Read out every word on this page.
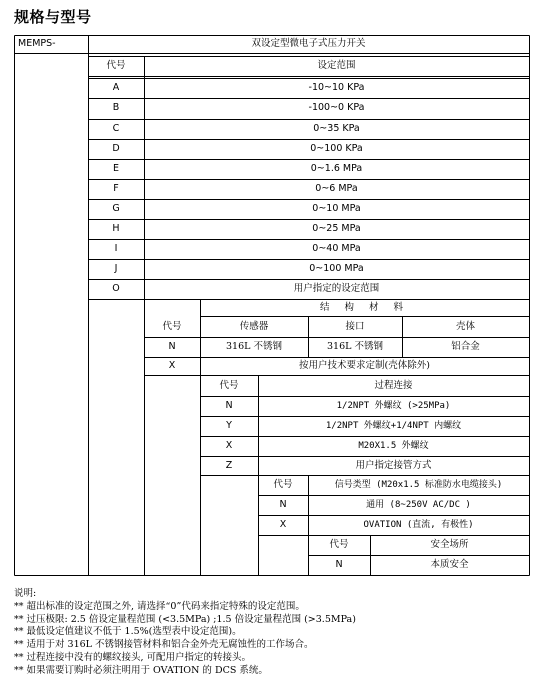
规格与型号
MEMPS-	双设定型微电子式压力开关
代号	设定范围
A	-10~10 KPa
B	-100~0 KPa
C	0~35 KPa
D	0~100 KPa
E	0~1.6 MPa
F	0~6 MPa
G	0~10 MPa
H	0~25 MPa
I	0~40 MPa
J	0~100 MPa
O	用户指定的设定范围
结 构 材 料
代号	传感器	接口	壳体
N	316L 不锈钢	316L 不锈钢	铝合金
X	按用户技术要求定制(壳体除外)
代号	过程连接
N	1/2NPT 外螺纹 (>25MPa)
Y	1/2NPT 外螺纹+1/4NPT 内螺纹
X	M20X1.5 外螺纹
Z	用户指定接管方式
代号	信号类型 (M20x1.5 标准防水电缆接头)
N	通用 (8~250V AC/DC )
X	OVATION (直流, 有极性)
代号	安全场所
N	本质安全
说明:
** 超出标准的设定范围之外, 请选择“0”代码来指定特殊的设定范围。
** 过压极限: 2.5 倍设定量程范围 (<3.5MPa) ;1.5 倍设定量程范围 (>3.5MPa)
** 最低设定值建议不低于 1.5%(选型表中设定范围)。
** 适用于对 316L 不锈钢接管材料和铝合金外壳无腐蚀性的工作场合。
** 过程连接中没有的螺纹接头, 可配用户指定的转接头。
** 如果需要订购时必须注明用于 OVATION 的 DCS 系统。
